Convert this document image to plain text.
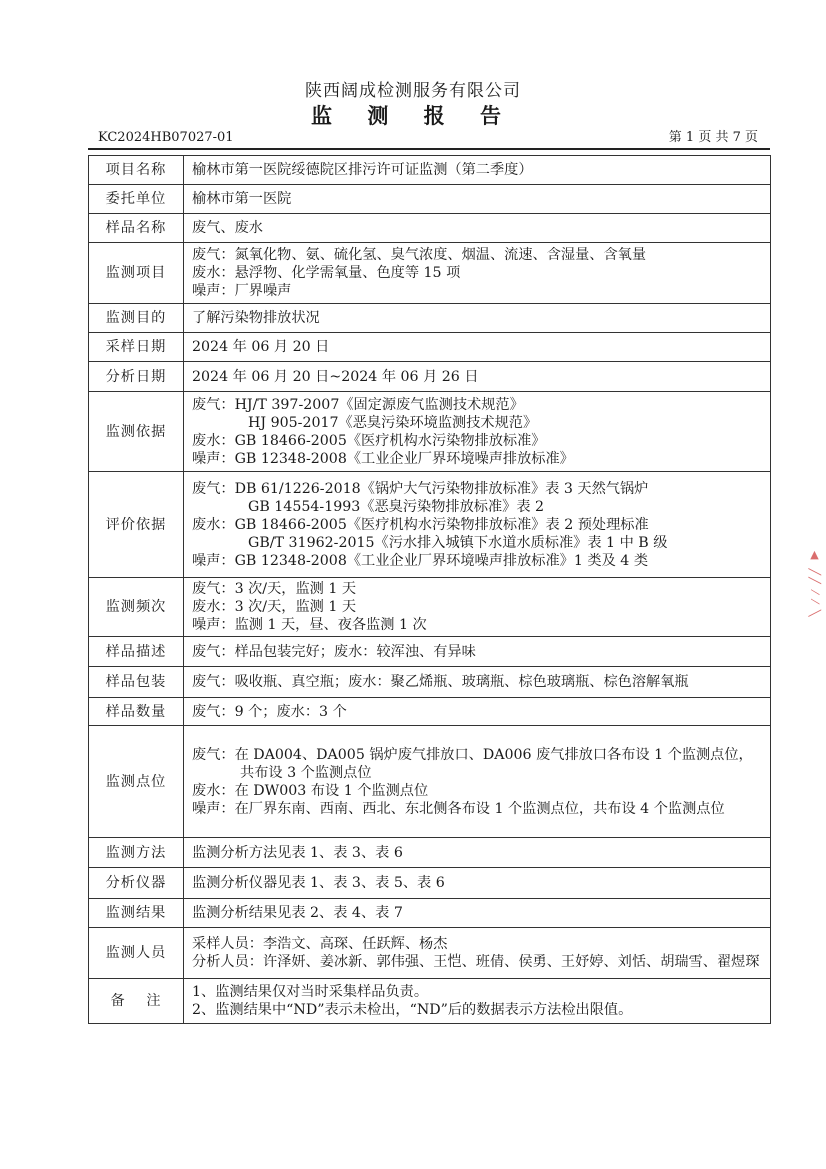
陕西阔成检测服务有限公司
监 测 报 告
KC2024HB07027-01	第 1 页 共 7 页
项目名称	榆林市第一医院绥德院区排污许可证监测（第二季度）

委托单位	榆林市第一医院

样品名称	废气、废水

监测项目	废气：氮氧化物、氨、硫化氢、臭气浓度、烟温、流速、含湿量、含氧量
废水：悬浮物、化学需氧量、色度等 15 项
噪声：厂界噪声

监测目的	了解污染物排放状况

采样日期	2024 年 06 月 20 日

分析日期	2024 年 06 月 20 日~2024 年 06 月 26 日

监测依据	废气：HJ/T 397-2007《固定源废气监测技术规范》
HJ 905-2017《恶臭污染环境监测技术规范》
废水：GB 18466-2005《医疗机构水污染物排放标准》
噪声：GB 12348-2008《工业企业厂界环境噪声排放标准》

评价依据	废气：DB 61/1226-2018《锅炉大气污染物排放标准》表 3 天然气锅炉
GB 14554-1993《恶臭污染物排放标准》表 2
废水：GB 18466-2005《医疗机构水污染物排放标准》表 2 预处理标准
GB/T 31962-2015《污水排入城镇下水道水质标准》表 1 中 B 级
噪声：GB 12348-2008《工业企业厂界环境噪声排放标准》1 类及 4 类

监测频次	废气：3 次/天，监测 1 天
废水：3 次/天，监测 1 天
噪声：监测 1 天，昼、夜各监测 1 次

样品描述	废气：样品包装完好；废水：较浑浊、有异味

样品包装	废气：吸收瓶、真空瓶；废水：聚乙烯瓶、玻璃瓶、棕色玻璃瓶、棕色溶解氧瓶

样品数量	废气：9 个；废水：3 个

监测点位	废气：在 DA004、DA005 锅炉废气排放口、DA006 废气排放口各布设 1 个监测点位，共布设 3 个监测点位
废水：在 DW003 布设 1 个监测点位
噪声：在厂界东南、西南、西北、东北侧各布设 1 个监测点位，共布设 4 个监测点位

监测方法	监测分析方法见表 1、表 3、表 6

分析仪器	监测分析仪器见表 1、表 3、表 5、表 6

监测结果	监测分析结果见表 2、表 4、表 7

监测人员	采样人员：李浩文、高琛、任跃辉、杨杰
分析人员：许泽妍、姜冰新、郭伟强、王恺、班倩、侯勇、王妤婷、刘恬、胡瑞雪、翟煜琛

备　 注	1、监测结果仅对当时采集样品负责。
2、监测结果中“ND”表示未检出，“ND”后的数据表示方法检出限值。
▲ ╱╱ ⁄ ⁄ ╲
